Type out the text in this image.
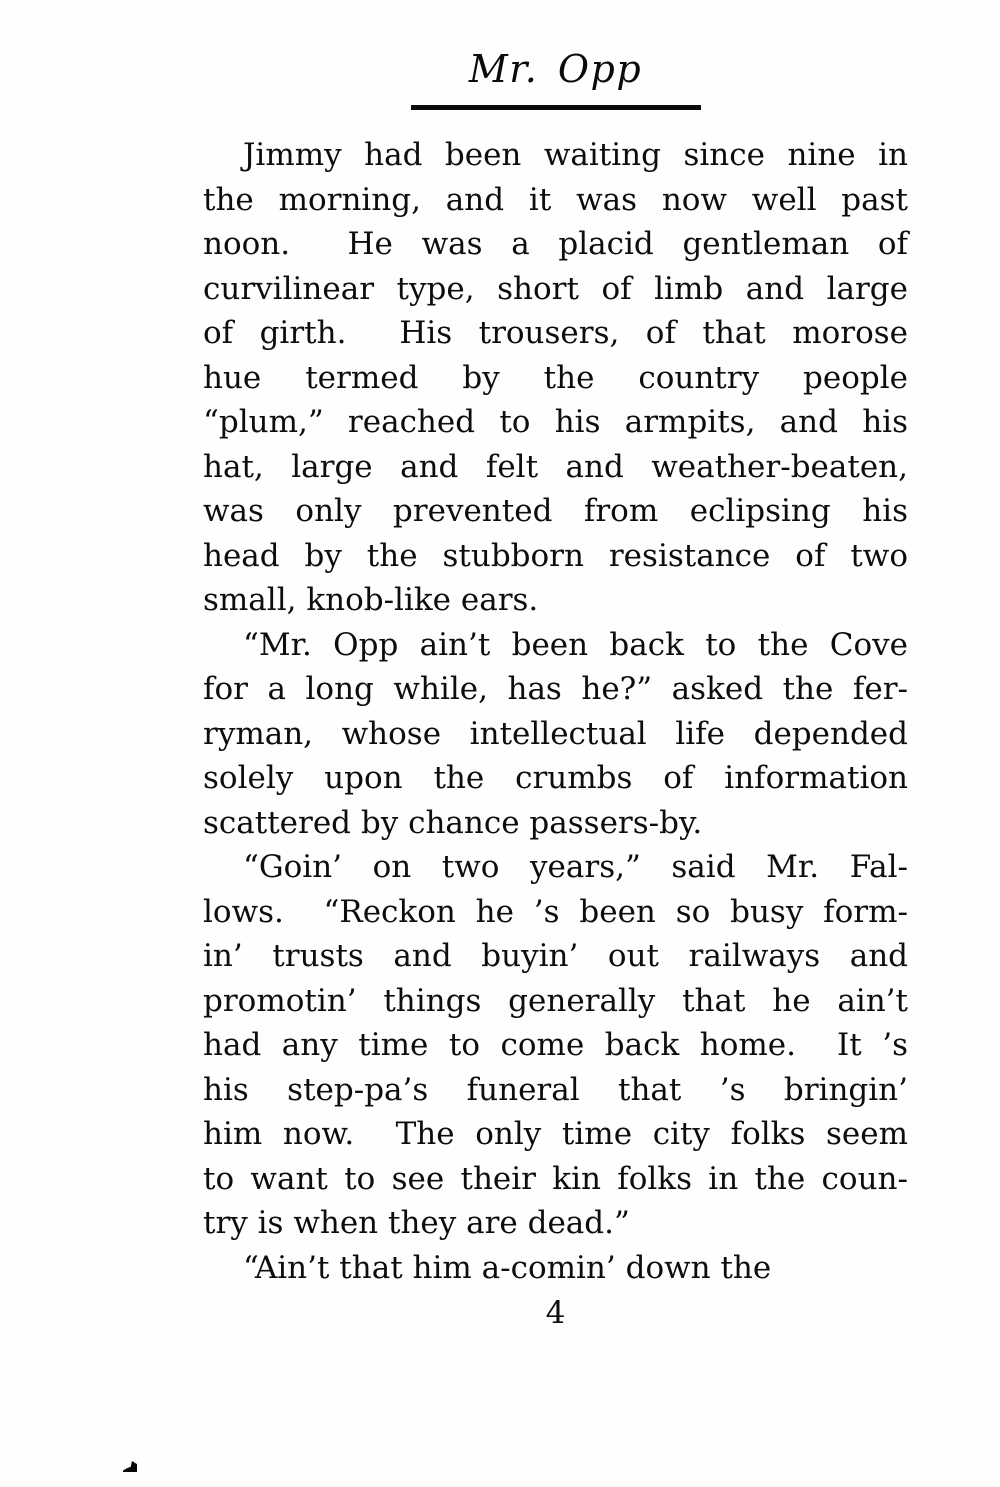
Mr. Opp
Jimmy had been waiting since nine in
the morning, and it was now well past
noon.  He was a placid gentleman of
curvilinear type, short of limb and large
of girth.  His trousers, of that morose
hue termed by the country people
“plum,” reached to his armpits, and his
hat, large and felt and weather-beaten,
was only prevented from eclipsing his
head by the stubborn resistance of two
small, knob-like ears.
“Mr. Opp ain’t been back to the Cove
for a long while, has he?” asked the fer-
ryman, whose intellectual life depended
solely upon the crumbs of information
scattered by chance passers-by.
“Goin’ on two years,” said Mr. Fal-
lows.  “Reckon he ’s been so busy form-
in’ trusts and buyin’ out railways and
promotin’ things generally that he ain’t
had any time to come back home.  It ’s
his step-pa’s funeral that ’s bringin’
him now.  The only time city folks seem
to want to see their kin folks in the coun-
try is when they are dead.”
“Ain’t that him a-comin’ down the
4
